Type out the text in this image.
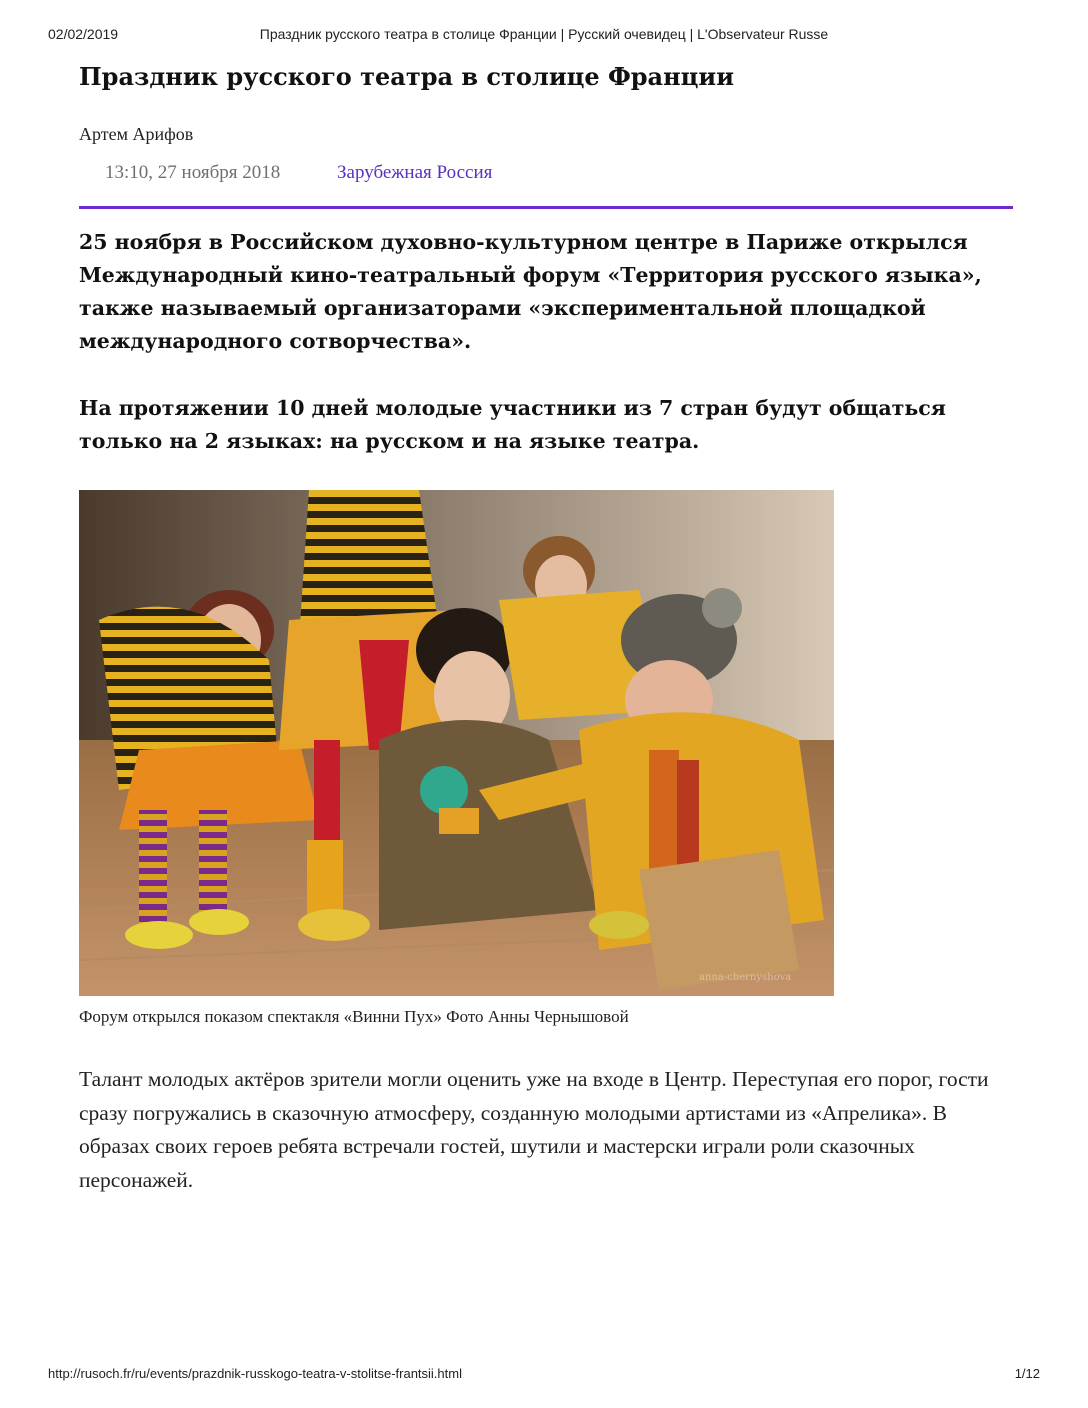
02/02/2019	Праздник русского театра в столице Франции | Русский очевидец | L'Observateur Russe
Праздник русского театра в столице Франции
Артем Арифов
13:10, 27 ноября 2018	Зарубежная Россия

25 ноября в Российском духовно-культурном центре в Париже открылся Международный кино-театральный форум «Территория русского языка», также называемый организаторами «экспериментальной площадкой международного сотворчества».

На протяжении 10 дней молодые участники из 7 стран будут общаться только на 2 языках: на русском и на языке театра.

anna-chernyshova
Форум открылся показом спектакля «Винни Пух» Фото Анны Чернышовой

Талант молодых актёров зрители могли оценить уже на входе в Центр. Переступая его порог, гости сразу погружались в сказочную атмосферу, созданную молодыми артистами из «Апрелика». В образах своих героев ребята встречали гостей, шутили и мастерски играли роли сказочных персонажей.

http://rusoch.fr/ru/events/prazdnik-russkogo-teatra-v-stolitse-frantsii.html	1/12
